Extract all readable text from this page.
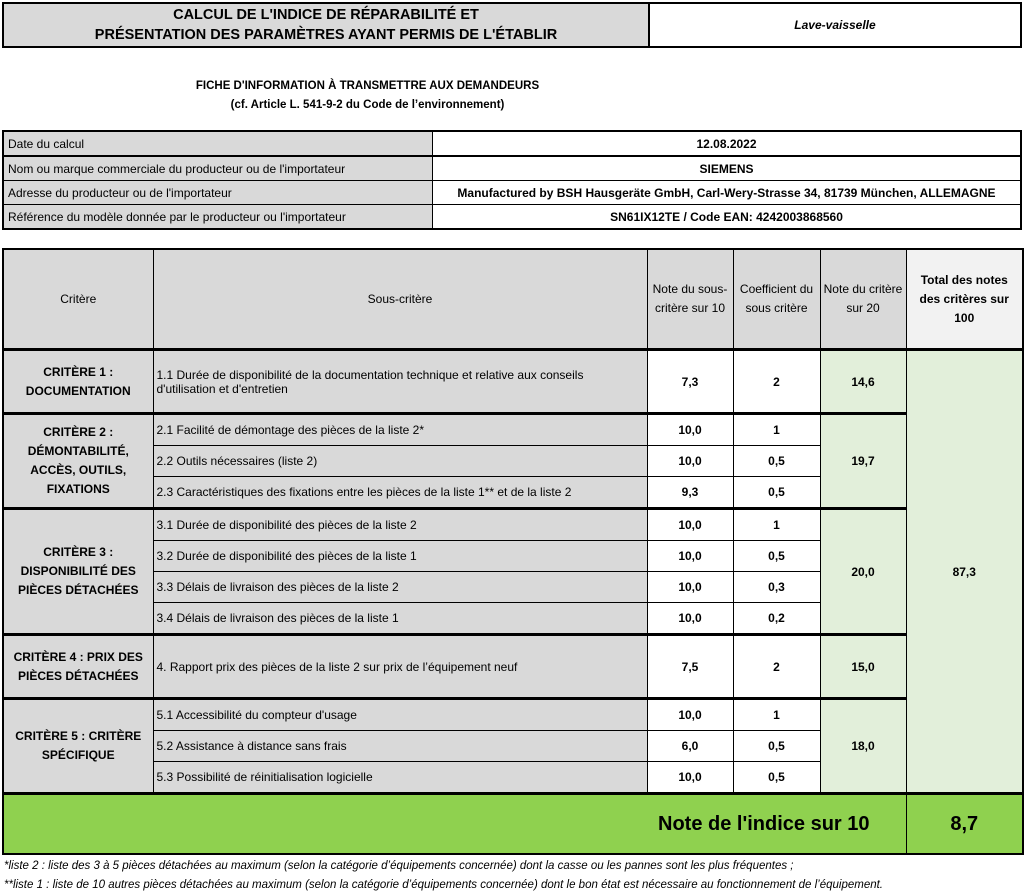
CALCUL DE L'INDICE DE RÉPARABILITÉ ET
PRÉSENTATION DES PARAMÈTRES AYANT PERMIS DE L'ÉTABLIR
Lave-vaisselle
FICHE D'INFORMATION À TRANSMETTRE AUX DEMANDEURS
(cf. Article L. 541-9-2 du Code de l’environnement)
Date du calcul	12.08.2022
Nom ou marque commerciale du producteur ou de l'importateur	SIEMENS
Adresse du producteur ou de l'importateur	Manufactured by BSH Hausgeräte GmbH, Carl-Wery-Strasse 34, 81739 München, ALLEMAGNE
Référence du modèle donnée par le producteur ou l'importateur	SN61IX12TE / Code EAN: 4242003868560
Critère	Sous-critère	Note du sous-critère sur 10	Coefficient du sous critère	Note du critère sur 20	Total des notes des critères sur 100
CRITÈRE 1 : DOCUMENTATION	1.1 Durée de disponibilité de la documentation technique et relative aux conseils d'utilisation et d'entretien	7,3	2	14,6	87,3
CRITÈRE 2 : DÉMONTABILITÉ, ACCÈS, OUTILS, FIXATIONS	2.1 Facilité de démontage des pièces de la liste 2*	10,0	1	19,7	
	2.2 Outils nécessaires (liste 2)	10,0	0,5		
	2.3 Caractéristiques des fixations entre les pièces de la liste 1** et de la liste 2	9,3	0,5		
CRITÈRE 3 : DISPONIBILITÉ DES PIÈCES DÉTACHÉES	3.1 Durée de disponibilité des pièces de la liste 2	10,0	1	20,0	
	3.2 Durée de disponibilité des pièces de la liste 1	10,0	0,5		
	3.3 Délais de livraison des pièces de la liste 2	10,0	0,3		
	3.4 Délais de livraison des pièces de la liste 1	10,0	0,2		
CRITÈRE 4 : PRIX DES PIÈCES DÉTACHÉES	4. Rapport prix des pièces de la liste 2 sur prix de l’équipement neuf	7,5	2	15,0	
CRITÈRE 5 : CRITÈRE SPÉCIFIQUE	5.1 Accessibilité du compteur d'usage	10,0	1	18,0	
	5.2 Assistance à distance sans frais	6,0	0,5		
	5.3 Possibilité de réinitialisation logicielle	10,0	0,5		
Note de l'indice sur 10					8,7
*liste 2 : liste des 3 à 5 pièces détachées au maximum (selon la catégorie d’équipements concernée) dont la casse ou les pannes sont les plus fréquentes ;
**liste 1 : liste de 10 autres pièces détachées au maximum (selon la catégorie d’équipements concernée) dont le bon état est nécessaire au fonctionnement de l’équipement.
